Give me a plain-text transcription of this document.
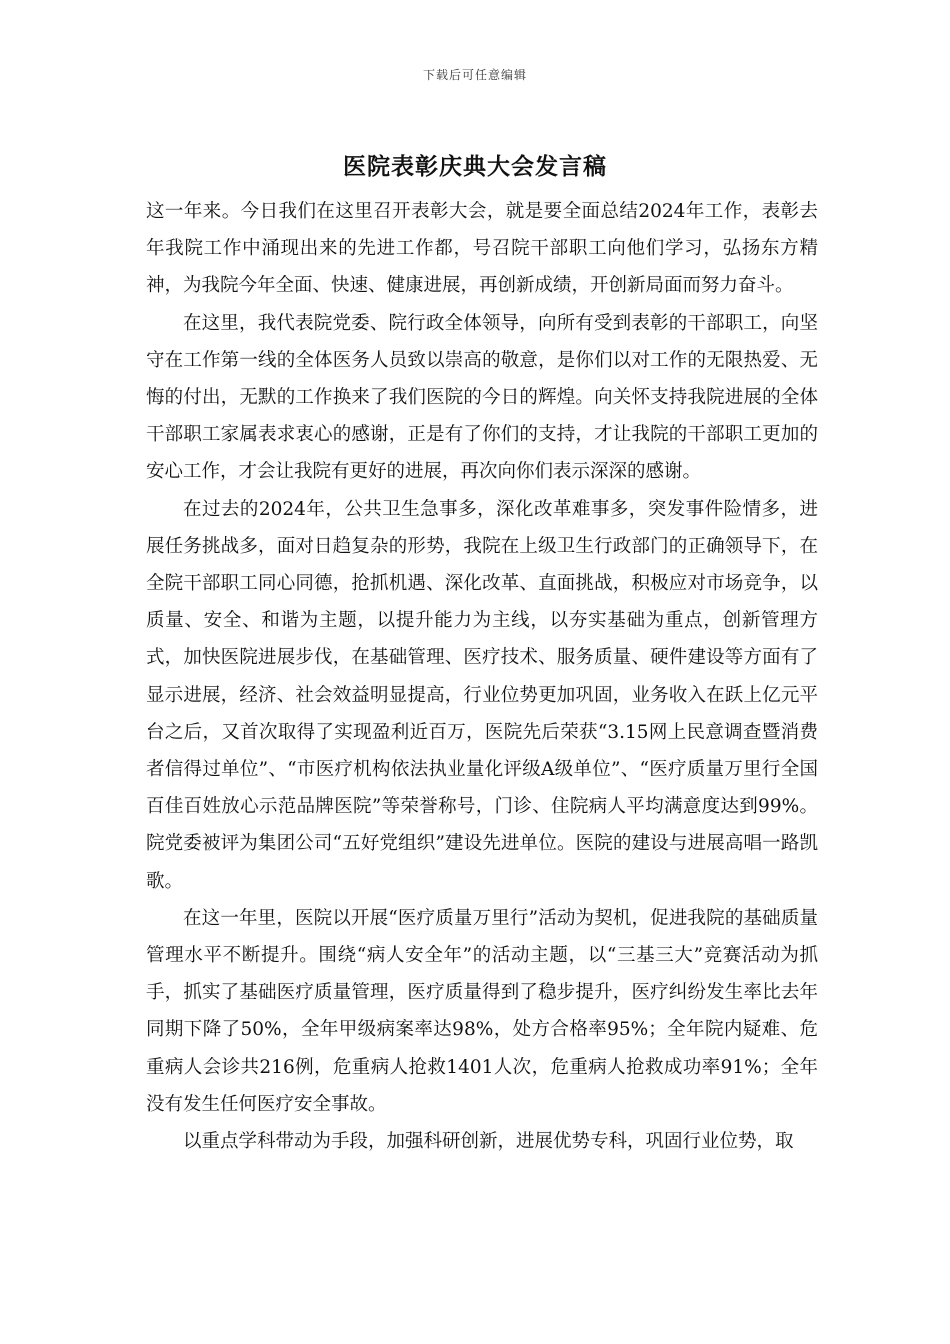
下载后可任意编辑
医院表彰庆典大会发言稿

这一年来。今日我们在这里召开表彰大会，就是要全面总结2024年工作，表彰去年我院工作中涌现出来的先进工作都，号召院干部职工向他们学习，弘扬东方精神，为我院今年全面、快速、健康进展，再创新成绩，开创新局面而努力奋斗。

在这里，我代表院党委、院行政全体领导，向所有受到表彰的干部职工，向坚守在工作第一线的全体医务人员致以崇高的敬意，是你们以对工作的无限热爱、无悔的付出，无默的工作换来了我们医院的今日的辉煌。向关怀支持我院进展的全体干部职工家属表求衷心的感谢，正是有了你们的支持，才让我院的干部职工更加的安心工作，才会让我院有更好的进展，再次向你们表示深深的感谢。

在过去的2024年，公共卫生急事多，深化改革难事多，突发事件险情多，进展任务挑战多，面对日趋复杂的形势，我院在上级卫生行政部门的正确领导下，在全院干部职工同心同德，抢抓机遇、深化改革、直面挑战，积极应对市场竞争，以质量、安全、和谐为主题，以提升能力为主线，以夯实基础为重点，创新管理方式，加快医院进展步伐，在基础管理、医疗技术、服务质量、硬件建设等方面有了显示进展，经济、社会效益明显提高，行业位势更加巩固，业务收入在跃上亿元平台之后，又首次取得了实现盈利近百万，医院先后荣获“3.15网上民意调查暨消费者信得过单位”、“市医疗机构依法执业量化评级A级单位”、“医疗质量万里行全国百佳百姓放心示范品牌医院”等荣誉称号，门诊、住院病人平均满意度达到99%。院党委被评为集团公司“五好党组织”建设先进单位。医院的建设与进展高唱一路凯歌。

在这一年里，医院以开展“医疗质量万里行”活动为契机，促进我院的基础质量管理水平不断提升。围绕“病人安全年”的活动主题，以“三基三大”竞赛活动为抓手，抓实了基础医疗质量管理，医疗质量得到了稳步提升，医疗纠纷发生率比去年同期下降了50%，全年甲级病案率达98%，处方合格率95%；全年院内疑难、危重病人会诊共216例，危重病人抢救1401人次，危重病人抢救成功率91%；全年没有发生任何医疗安全事故。

以重点学科带动为手段，加强科研创新，进展优势专科，巩固行业位势，取
